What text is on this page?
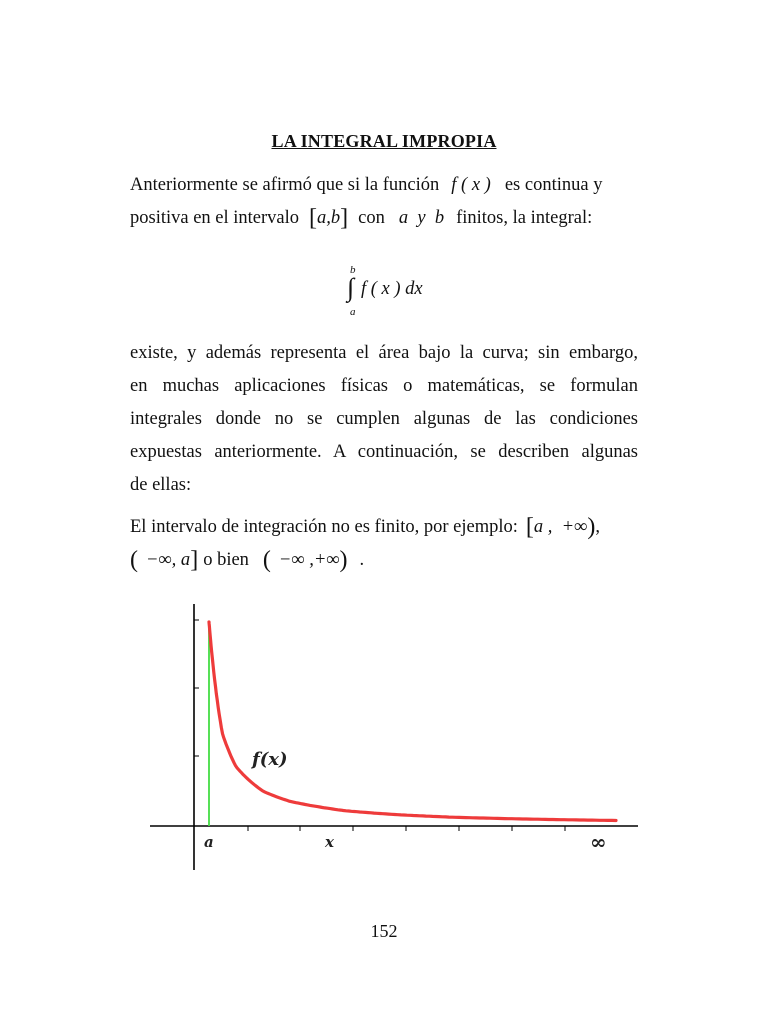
LA INTEGRAL IMPROPIA
Anteriormente se afirmó que si la función f ( x ) es continua y
positiva en el intervalo [a,b] con a  y  b finitos, la integral:
b
∫
a
f ( x ) dx
existe, y además representa el área bajo la curva; sin embargo,
en muchas aplicaciones físicas o matemáticas, se formulan
integrales donde no se cumplen algunas de las condiciones
expuestas anteriormente. A continuación, se describen algunas
de ellas:
El intervalo de integración no es finito, por ejemplo: [a ,  +∞),
( −∞, a] o bien ( −∞ ,+∞) .
f(x)
a	x	∞
152
